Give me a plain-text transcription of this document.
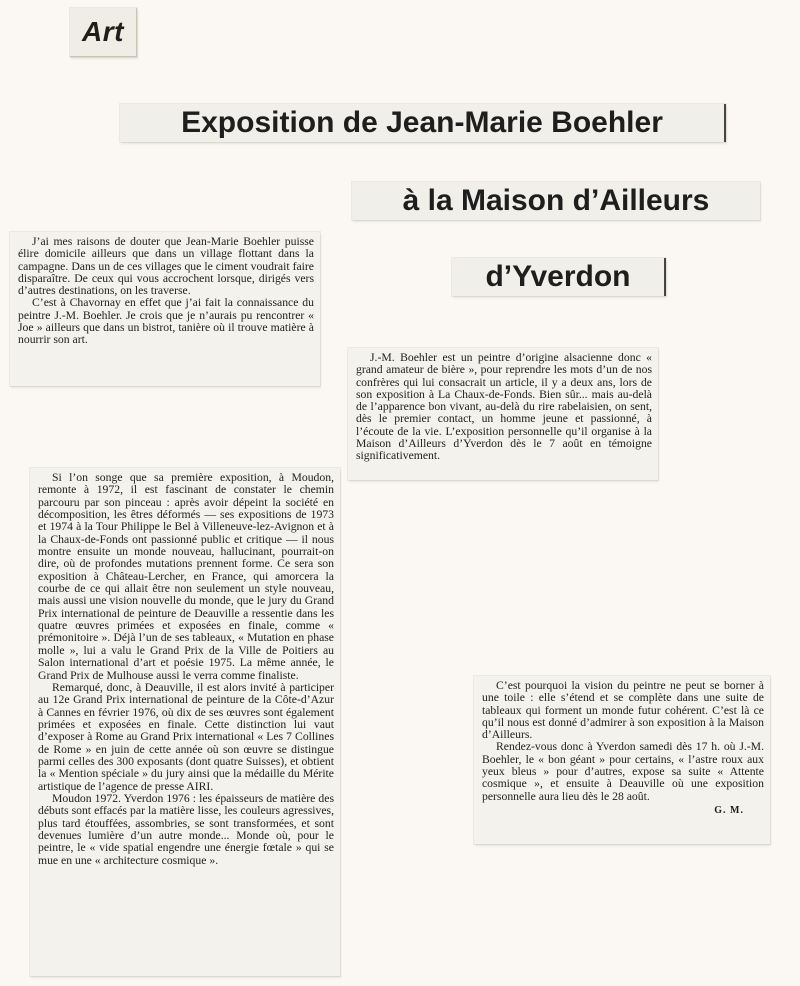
Art
Exposition de Jean-Marie Boehler
à la Maison d’Ailleurs
d’Yverdon

J’ai mes raisons de douter que Jean-Marie Boehler puisse élire domicile ailleurs que dans un village flottant dans la campagne. Dans un de ces villages que le ciment voudrait faire disparaître. De ceux qui vous accrochent lorsque, dirigés vers d’autres destinations, on les traverse.

C’est à Chavornay en effet que j’ai fait la connaissance du peintre J.-M. Boehler. Je crois que je n’aurais pu rencontrer « Joe » ailleurs que dans un bistrot, tanière où il trouve matière à nourrir son art.

J.-M. Boehler est un peintre d’origine alsacienne donc « grand amateur de bière », pour reprendre les mots d’un de nos confrères qui lui consacrait un article, il y a deux ans, lors de son exposition à La Chaux-de-Fonds. Bien sûr... mais au-delà de l’apparence bon vivant, au-delà du rire rabelaisien, on sent, dès le premier contact, un homme jeune et passionné, à l’écoute de la vie. L’exposition personnelle qu’il organise à la Maison d’Ailleurs d’Yverdon dès le 7 août en témoigne significativement.

Si l’on songe que sa première exposition, à Moudon, remonte à 1972, il est fascinant de constater le chemin parcouru par son pinceau : après avoir dépeint la société en décomposition, les êtres déformés — ses expositions de 1973 et 1974 à la Tour Philippe le Bel à Villeneuve-lez-Avignon et à la Chaux-de-Fonds ont passionné public et critique — il nous montre ensuite un monde nouveau, hallucinant, pourrait-on dire, où de profondes mutations prennent forme. Ce sera son exposition à Château-Lercher, en France, qui amorcera la courbe de ce qui allait être non seulement un style nouveau, mais aussi une vision nouvelle du monde, que le jury du Grand Prix international de peinture de Deauville a ressentie dans les quatre œuvres primées et exposées en finale, comme « prémonitoire ». Déjà l’un de ses tableaux, « Mutation en phase molle », lui a valu le Grand Prix de la Ville de Poitiers au Salon international d’art et poésie 1975. La même année, le Grand Prix de Mulhouse aussi le verra comme finaliste.

Remarqué, donc, à Deauville, il est alors invité à participer au 12e Grand Prix international de peinture de la Côte-d’Azur à Cannes en février 1976, où dix de ses œuvres sont également primées et exposées en finale. Cette distinction lui vaut d’exposer à Rome au Grand Prix international « Les 7 Collines de Rome » en juin de cette année où son œuvre se distingue parmi celles des 300 exposants (dont quatre Suisses), et obtient la « Mention spéciale » du jury ainsi que la médaille du Mérite artistique de l’agence de presse AIRI.

Moudon 1972. Yverdon 1976 : les épaisseurs de matière des débuts sont effacés par la matière lisse, les couleurs agressives, plus tard étouffées, assombries, se sont transformées, et sont devenues lumière d’un autre monde... Monde où, pour le peintre, le « vide spatial engendre une énergie fœtale » qui se mue en une « architecture cosmique ».

C’est pourquoi la vision du peintre ne peut se borner à une toile : elle s’étend et se complète dans une suite de tableaux qui forment un monde futur cohérent. C’est là ce qu’il nous est donné d’admirer à son exposition à la Maison d’Ailleurs.

Rendez-vous donc à Yverdon samedi dès 17 h. où J.-M. Boehler, le « bon géant » pour certains, « l’astre roux aux yeux bleus » pour d’autres, expose sa suite « Attente cosmique », et ensuite à Deauville où une exposition personnelle aura lieu dès le 28 août.

G. M.
